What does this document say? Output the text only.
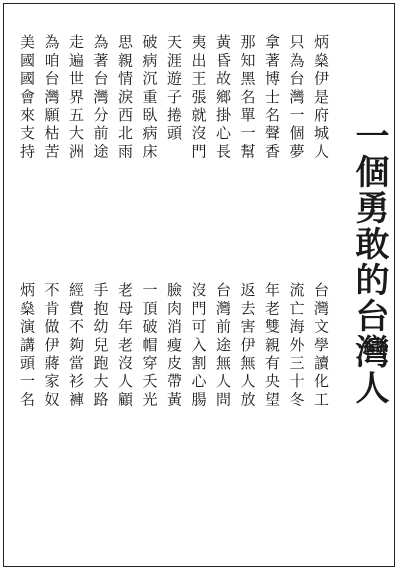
一個勇敢的台灣人
炳燊伊是府城人
台灣文學讀化工
只為台灣一個夢
流亡海外三十冬
拿著博士名聲香
年老雙親有央望
那知黑名單一幫
返去害伊無人放
黃昏故鄉掛心長
台灣前途無人問
夷出王張就沒門
沒門可入割心腸
天涯遊子捲頭
臉肉消瘦皮帶黃
破病沉重臥病床
一頂破帽穿夭光
思親情淚西北雨
老母年老沒人顧
為著台灣分前途
手抱幼兒跑大路
走遍世界五大洲
經費不夠當衫褲
為咱台灣願枯苦
不肯做伊蔣家奴
美國國會來支持
炳燊演講頭一名
